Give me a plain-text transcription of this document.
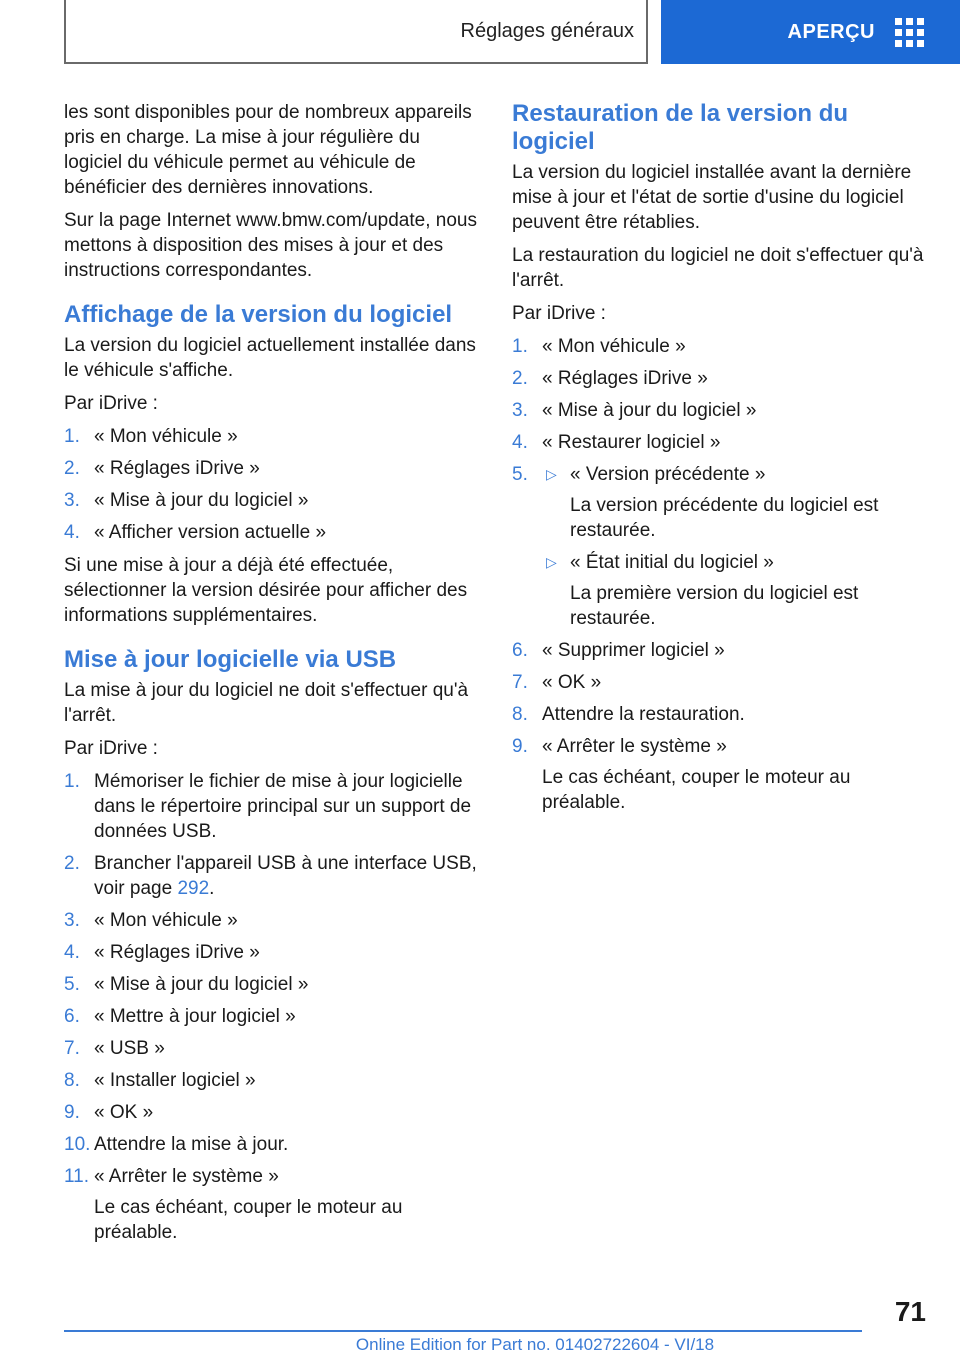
Réglages généraux	APERÇU

les sont disponibles pour de nombreux appareils pris en charge. La mise à jour régulière du logiciel du véhicule permet au véhicule de bénéficier des dernières innovations.

Sur la page Internet www.bmw.com/update, nous mettons à disposition des mises à jour et des instructions correspondantes.

Affichage de la version du logiciel

La version du logiciel actuellement installée dans le véhicule s'affiche.

Par iDrive :

1. « Mon véhicule »
2. « Réglages iDrive »
3. « Mise à jour du logiciel »
4. « Afficher version actuelle »

Si une mise à jour a déjà été effectuée, sélectionner la version désirée pour afficher des informations supplémentaires.

Mise à jour logicielle via USB

La mise à jour du logiciel ne doit s'effectuer qu'à l'arrêt.

Par iDrive :

1. Mémoriser le fichier de mise à jour logicielle dans le répertoire principal sur un support de données USB.
2. Brancher l'appareil USB à une interface USB, voir page 292.
3. « Mon véhicule »
4. « Réglages iDrive »
5. « Mise à jour du logiciel »
6. « Mettre à jour logiciel »
7. « USB »
8. « Installer logiciel »
9. « OK »
10. Attendre la mise à jour.
11. « Arrêter le système »
Le cas échéant, couper le moteur au préalable.
Restauration de la version du logiciel

La version du logiciel installée avant la dernière mise à jour et l'état de sortie d'usine du logiciel peuvent être rétablies.

La restauration du logiciel ne doit s'effectuer qu'à l'arrêt.

Par iDrive :

1. « Mon véhicule »
2. « Réglages iDrive »
3. « Mise à jour du logiciel »
4. « Restaurer logiciel »
5. ▷ « Version précédente »
La version précédente du logiciel est restaurée.
▷ « État initial du logiciel »
La première version du logiciel est restaurée.
6. « Supprimer logiciel »
7. « OK »
8. Attendre la restauration.
9. « Arrêter le système »
Le cas échéant, couper le moteur au préalable.
71
Online Edition for Part no. 01402722604 - VI/18
